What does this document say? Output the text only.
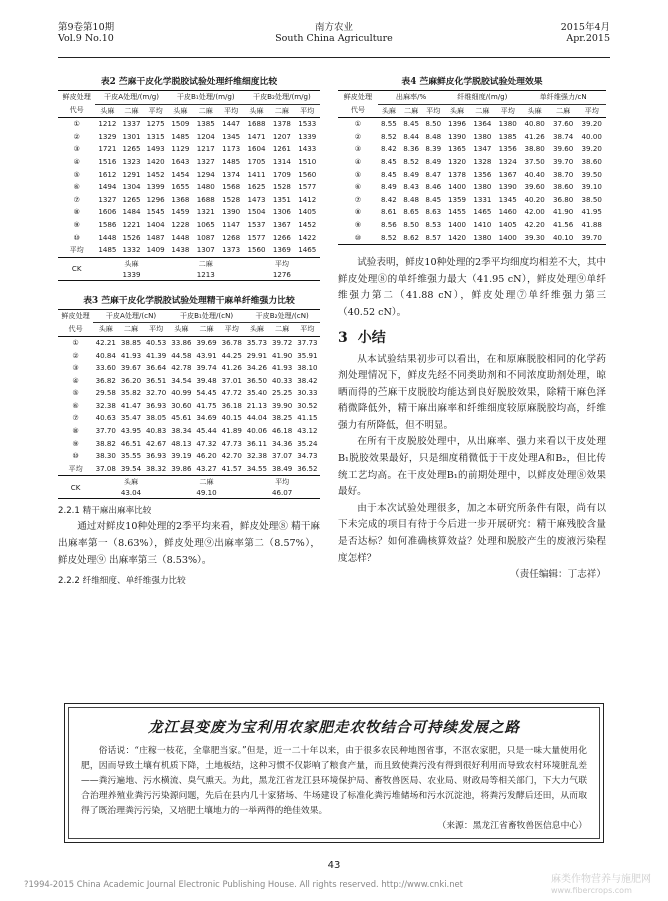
第9卷第10期
Vol.9 No.10
南方农业
South China Agriculture
2015年4月
Apr.2015
表2 苎麻干皮化学脱胶试验处理纤维细度比较
鲜皮处理	干皮A处理/(m/g)			干皮B₁处理/(m/g)			干皮B₂处理/(m/g)		
代号	头麻	二麻	平均	头麻	二麻	平均	头麻	二麻	平均
①	1212	1337	1275	1509	1385	1447	1688	1378	1533
②	1329	1301	1315	1485	1204	1345	1471	1207	1339
③	1721	1265	1493	1129	1217	1173	1604	1261	1433
④	1516	1323	1420	1643	1327	1485	1705	1314	1510
⑤	1612	1291	1452	1454	1294	1374	1411	1709	1560
⑥	1494	1304	1399	1655	1480	1568	1625	1528	1577
⑦	1327	1265	1296	1368	1688	1528	1473	1351	1412
⑧	1606	1484	1545	1459	1321	1390	1504	1306	1405
⑨	1586	1221	1404	1228	1065	1147	1537	1367	1452
⑩	1448	1526	1487	1448	1087	1268	1577	1266	1422
平均	1485	1332	1409	1438	1307	1373	1560	1369	1465
CK	头麻			二麻			平均		
	1339			1213			1276		
表3 苎麻干皮化学脱胶试验处理精干麻单纤维强力比较
鲜皮处理	干皮A处理/(cN)			干皮B₁处理/(cN)			干皮B₂处理/(cN)		
代号	头麻	二麻	平均	头麻	二麻	平均	头麻	二麻	平均
①	42.21	38.85	40.53	33.86	39.69	36.78	35.73	39.72	37.73
②	40.84	41.93	41.39	44.58	43.91	44.25	29.91	41.90	35.91
③	33.60	39.67	36.64	42.78	39.74	41.26	34.26	41.93	38.10
④	36.82	36.20	36.51	34.54	39.48	37.01	36.50	40.33	38.42
⑤	29.58	35.82	32.70	40.99	54.45	47.72	35.40	25.25	30.33
⑥	32.38	41.47	36.93	30.60	41.75	36.18	21.13	39.90	30.52
⑦	40.63	35.47	38.05	45.61	34.69	40.15	44.04	38.25	41.15
⑧	37.70	43.95	40.83	38.34	45.44	41.89	40.06	46.18	43.12
⑨	38.82	46.51	42.67	48.13	47.32	47.73	36.11	34.36	35.24
⑩	38.30	35.55	36.93	39.19	46.20	42.70	32.38	37.07	34.73
平均	37.08	39.54	38.32	39.86	43.27	41.57	34.55	38.49	36.52
CK	头麻			二麻			平均		
	43.04			49.10			46.07		
2.2.1 精干麻出麻率比较

通过对鲜皮10种处理的2季平均来看，鲜皮处理⑧ 精干麻出麻率第一（8.63%），鲜皮处理⑨出麻率第二（8.57%），鲜皮处理⑨ 出麻率第三（8.53%）。

2.2.2 纤维细度、单纤维强力比较
表4 苎麻鲜皮化学脱胶试验处理效果
鲜皮处理	出麻率/%			纤维细度/(m/g)			单纤维强力/cN		
代号	头麻	二麻	平均	头麻	二麻	平均	头麻	二麻	平均
①	8.55	8.45	8.50	1396	1364	1380	40.80	37.60	39.20
②	8.52	8.44	8.48	1390	1380	1385	41.26	38.74	40.00
③	8.42	8.36	8.39	1365	1347	1356	38.80	39.60	39.20
④	8.45	8.52	8.49	1320	1328	1324	37.50	39.70	38.60
⑤	8.45	8.49	8.47	1378	1356	1367	40.40	38.70	39.50
⑥	8.49	8.43	8.46	1400	1380	1390	39.60	38.60	39.10
⑦	8.42	8.48	8.45	1359	1331	1345	40.20	36.80	38.50
⑧	8.61	8.65	8.63	1455	1465	1460	42.00	41.90	41.95
⑨	8.56	8.50	8.53	1400	1410	1405	42.20	41.56	41.88
⑩	8.52	8.62	8.57	1420	1380	1400	39.30	40.10	39.70

试验表明，鲜皮10种处理的2季平均细度均相差不大，其中鲜皮处理⑧的单纤维强力最大（41.95 cN），鲜皮处理⑨单纤维强力第二（41.88 cN），鲜皮处理⑦单纤维强力第三（40.52 cN）。

3 小结

从本试验结果初步可以看出，在和原麻脱胶相同的化学药剂处理情况下，鲜皮先经不同类助剂和不同浓度助剂处理，晾晒而得的苎麻干皮脱胶均能达到良好脱胶效果，除精干麻色泽稍微降低外，精干麻出麻率和纤维细度较原麻脱胶均高，纤维强力有所降低，但不明显。

在所有干皮脱胶处理中，从出麻率、强力来看以干皮处理B₁脱胶效果最好，只是细度稍微低于干皮处理A和B₂，但比传统工艺均高。在干皮处理B₁的前期处理中，以鲜皮处理⑧效果最好。

由于本次试验处理很多，加之本研究所条件有限，尚有以下未完成的项目有待于今后进一步开展研究：精干麻残胶含量是否达标？如何准确核算效益？处理和脱胶产生的废液污染程度怎样？

（责任编辑：丁志祥）
龙江县变废为宝利用农家肥走农牧结合可持续发展之路
俗话说：“庄稼一枝花，全靠肥当家。”但是，近一二十年以来，由于很多农民种地图省事，不沤农家肥，只是一味大量使用化肥，因而导致土壤有机质下降，土地板结，这种习惯不仅影响了粮食产量，而且致使粪污没有得到很好利用而导致农村环境脏乱差——粪污遍地、污水横流、臭气熏天。为此，黑龙江省龙江县环境保护局、畜牧兽医局、农业局、财政局等相关部门，下大力气联合治理养殖业粪污污染源问题，先后在县内几十家猪场、牛场建设了标准化粪污堆储场和污水沉淀池，将粪污发酵后还田，从而取得了既治理粪污污染，又培肥土壤地力的一举两得的绝佳效果。
（来源：黑龙江省畜牧兽医信息中心）
43
?1994-2015 China Academic Journal Electronic Publishing House. All rights reserved. http://www.cnki.net	麻类作物营养与施肥网
www.fibercrops.com
